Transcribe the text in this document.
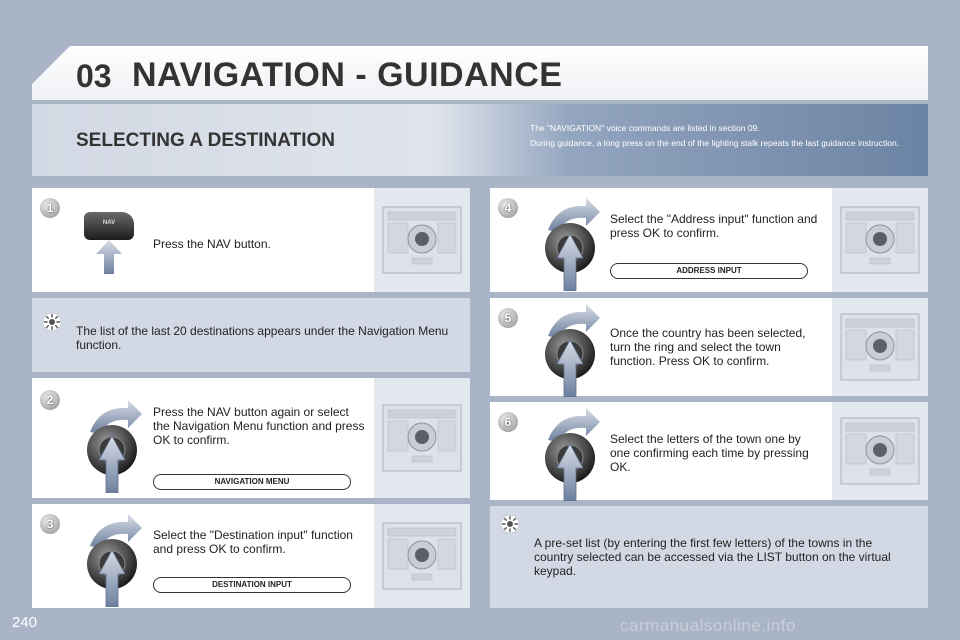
03 NAVIGATION - GUIDANCE
SELECTING A DESTINATION
The "NAVIGATION" voice commands are listed in section 09.
During guidance, a long press on the end of the lighting stalk repeats the last guidance instruction.
1
NAV
Press the NAV button.
The list of the last 20 destinations appears under the Navigation Menu function.
2
Press the NAV button again or select the Navigation Menu function and press OK to confirm.
NAVIGATION MENU
3
Select the "Destination input" function and press OK to confirm.
DESTINATION INPUT
4
Select the "Address input" function and press OK to confirm.
ADDRESS INPUT
5
Once the country has been selected, turn the ring and select the town function. Press OK to confirm.
6
Select the letters of the town one by one confirming each time by pressing OK.
A pre-set list (by entering the first few letters) of the towns in the country selected can be accessed via the LIST button on the virtual keypad.
240	carmanualsonline.info
